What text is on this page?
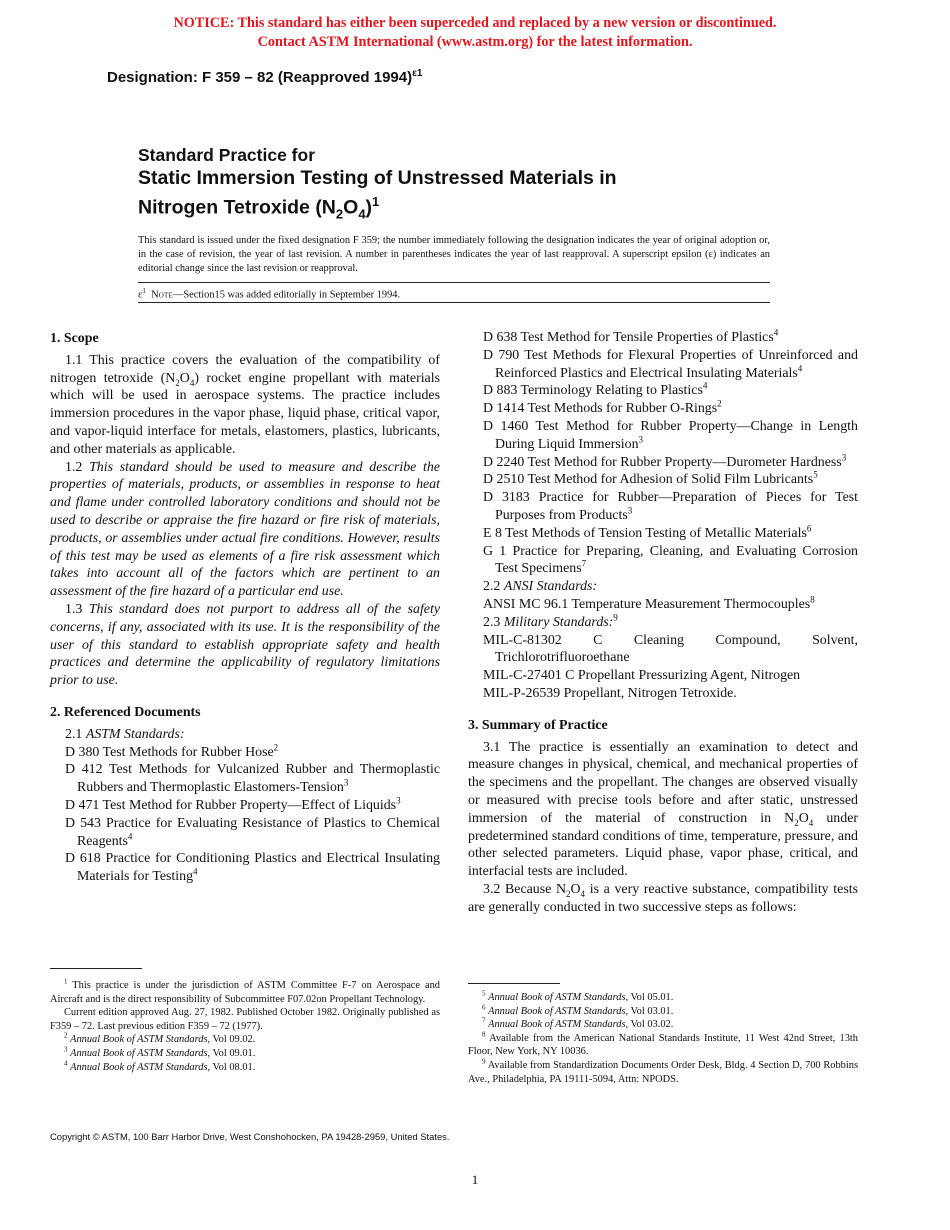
NOTICE: This standard has either been superceded and replaced by a new version or discontinued.
Contact ASTM International (www.astm.org) for the latest information.
Designation: F 359 – 82 (Reapproved 1994)$^{\varepsilon 1}$
Standard Practice for
Static Immersion Testing of Unstressed Materials in
Nitrogen Tetroxide $(N_2O_4)^1$
This standard is issued under the fixed designation F 359; the number immediately following the designation indicates the year of original adoption or, in the case of revision, the year of last revision. A number in parentheses indicates the year of last reapproval. A superscript epsilon (ε) indicates an editorial change since the last revision or reapproval.
$\varepsilon^1$ Note—Section15 was added editorially in September 1994.
1. Scope

1.1 This practice covers the evaluation of the compatibility of nitrogen tetroxide $(N_2O_4)$ rocket engine propellant with materials which will be used in aerospace systems. The practice includes immersion procedures in the vapor phase, liquid phase, critical vapor, and vapor-liquid interface for metals, elastomers, plastics, lubricants, and other materials as applicable.

1.2 This standard should be used to measure and describe the properties of materials, products, or assemblies in response to heat and flame under controlled laboratory conditions and should not be used to describe or appraise the fire hazard or fire risk of materials, products, or assemblies under actual fire conditions. However, results of this test may be used as elements of a fire risk assessment which takes into account all of the factors which are pertinent to an assessment of the fire hazard of a particular end use.

1.3 This standard does not purport to address all of the safety concerns, if any, associated with its use. It is the responsibility of the user of this standard to establish appropriate safety and health practices and determine the applicability of regulatory limitations prior to use.

2. Referenced Documents
2.1 ASTM Standards:
D 380 Test Methods for Rubber Hose$^2$
D 412 Test Methods for Vulcanized Rubber and Thermoplastic Rubbers and Thermoplastic Elastomers-Tension$^3$
D 471 Test Method for Rubber Property—Effect of Liquids$^3$
D 543 Practice for Evaluating Resistance of Plastics to Chemical Reagents$^4$
D 618 Practice for Conditioning Plastics and Electrical Insulating Materials for Testing$^4$

$^1$ This practice is under the jurisdiction of ASTM Committee F-7 on Aerospace and Aircraft and is the direct responsibility of Subcommittee F07.02on Propellant Technology.

Current edition approved Aug. 27, 1982. Published October 1982. Originally published as F359 – 72. Last previous edition F359 – 72 (1977).

$^2$ Annual Book of ASTM Standards, Vol 09.02.

$^3$ Annual Book of ASTM Standards, Vol 09.01.

$^4$ Annual Book of ASTM Standards, Vol 08.01.

D 638 Test Method for Tensile Properties of Plastics$^4$
D 790 Test Methods for Flexural Properties of Unreinforced and Reinforced Plastics and Electrical Insulating Materials$^4$
D 883 Terminology Relating to Plastics$^4$
D 1414 Test Methods for Rubber O-Rings$^2$
D 1460 Test Method for Rubber Property—Change in Length During Liquid Immersion$^3$
D 2240 Test Method for Rubber Property—Durometer Hardness$^3$
D 2510 Test Method for Adhesion of Solid Film Lubricants$^5$
D 3183 Practice for Rubber—Preparation of Pieces for Test Purposes from Products$^3$
E 8 Test Methods of Tension Testing of Metallic Materials$^6$
G 1 Practice for Preparing, Cleaning, and Evaluating Corrosion Test Specimens$^7$
2.2 ANSI Standards:
ANSI MC 96.1 Temperature Measurement Thermocouples$^8$
2.3 Military Standards:$^9$
MIL-C-81302 C Cleaning Compound, Solvent, Trichlorotrifluoroethane
MIL-C-27401 C Propellant Pressurizing Agent, Nitrogen
MIL-P-26539 Propellant, Nitrogen Tetroxide.
3. Summary of Practice

3.1 The practice is essentially an examination to detect and measure changes in physical, chemical, and mechanical properties of the specimens and the propellant. The changes are observed visually or measured with precise tools before and after static, unstressed immersion of the material of construction in $N_2O_4$ under predetermined standard conditions of time, temperature, pressure, and other selected parameters. Liquid phase, vapor phase, critical, and interfacial tests are included.

3.2 Because $N_2O_4$ is a very reactive substance, compatibility tests are generally conducted in two successive steps as follows:

$^5$ Annual Book of ASTM Standards, Vol 05.01.

$^6$ Annual Book of ASTM Standards, Vol 03.01.

$^7$ Annual Book of ASTM Standards, Vol 03.02.

$^8$ Available from the American National Standards Institute, 11 West 42nd Street, 13th Floor, New York, NY 10036.

$^9$ Available from Standardization Documents Order Desk, Bldg. 4 Section D, 700 Robbins Ave., Philadelphia, PA 19111-5094, Attn: NPODS.

Copyright © ASTM, 100 Barr Harbor Drive, West Conshohocken, PA 19428-2959, United States.
1
